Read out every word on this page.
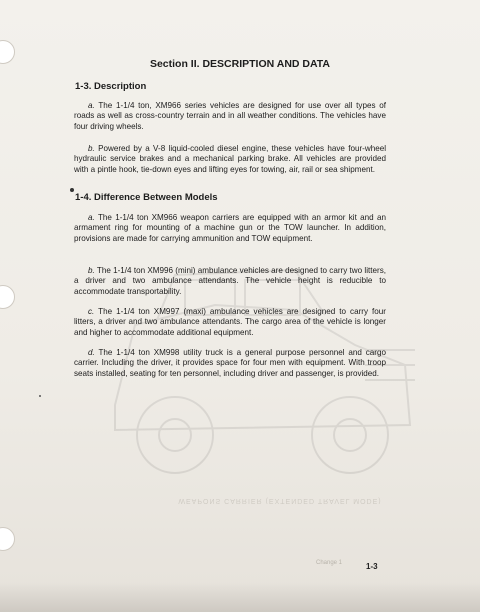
WEAPONS CARRIER (EXTENDED TRAVEL MODE)
Section II. DESCRIPTION AND DATA
1-3. Description

a. The 1-1/4 ton, XM966 series vehicles are designed for use over all types of roads as well as cross-country terrain and in all weather conditions. The vehicles have four driving wheels.

b. Powered by a V-8 liquid-cooled diesel engine, these vehicles have four-wheel hydraulic service brakes and a mechanical parking brake. All vehicles are provided with a pintle hook, tie-down eyes and lifting eyes for towing, air, rail or sea shipment.

1-4. Difference Between Models

a. The 1-1/4 ton XM966 weapon carriers are equipped with an armor kit and an armament ring for mounting of a machine gun or the TOW launcher. In addition, provisions are made for carrying ammunition and TOW equipment.

b. The 1-1/4 ton XM996 (mini) ambulance vehicles are designed to carry two litters, a driver and two ambulance attendants. The vehicle height is reducible to accommodate transportability.

c. The 1-1/4 ton XM997 (maxi) ambulance vehicles are designed to carry four litters, a driver and two ambulance attendants. The cargo area of the vehicle is longer and higher to accommodate additional equipment.

d. The 1-1/4 ton XM998 utility truck is a general purpose personnel and cargo carrier. Including the driver, it provides space for four men with equipment. With troop seats installed, seating for ten personnel, including driver and passenger, is provided.

Change 1	1-3
